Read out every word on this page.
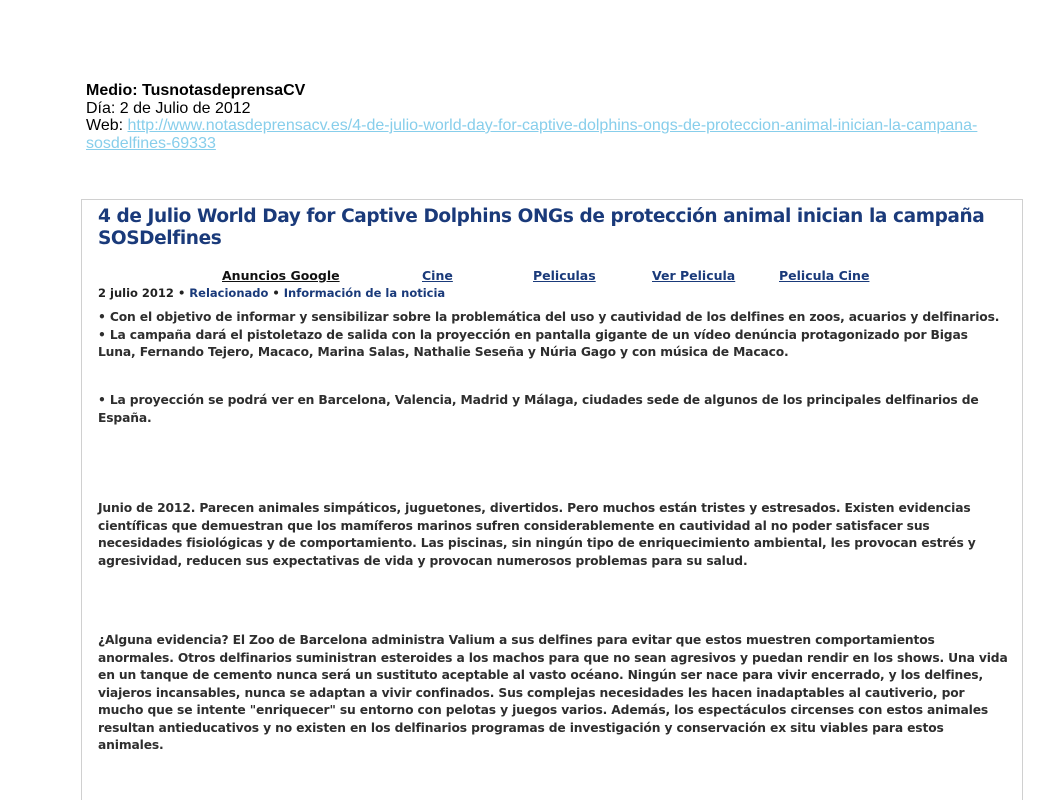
Medio: TusnotasdeprensaCV
Día: 2 de Julio de 2012
Web: http://www.notasdeprensacv.es/4-de-julio-world-day-for-captive-dolphins-ongs-de-proteccion-animal-inician-la-campana-sosdelfines-69333
4 de Julio World Day for Captive Dolphins ONGs de protección animal inician la campaña SOSDelfines
Anuncios Google	Cine	Peliculas	Ver Pelicula	Pelicula Cine
2 julio 2012 • Relacionado • Información de la noticia

• Con el objetivo de informar y sensibilizar sobre la problemática del uso y cautividad de los delfines en zoos, acuarios y delfinarios. • La campaña dará el pistoletazo de salida con la proyección en pantalla gigante de un vídeo denúncia protagonizado por Bigas Luna, Fernando Tejero, Macaco, Marina Salas, Nathalie Seseña y Núria Gago y con música de Macaco.

• La proyección se podrá ver en Barcelona, Valencia, Madrid y Málaga, ciudades sede de algunos de los principales delfinarios de España.

Junio de 2012. Parecen animales simpáticos, juguetones, divertidos. Pero muchos están tristes y estresados. Existen evidencias científicas que demuestran que los mamíferos marinos sufren considerablemente en cautividad al no poder satisfacer sus necesidades fisiológicas y de comportamiento. Las piscinas, sin ningún tipo de enriquecimiento ambiental, les provocan estrés y agresividad, reducen sus expectativas de vida y provocan numerosos problemas para su salud.

¿Alguna evidencia? El Zoo de Barcelona administra Valium a sus delfines para evitar que estos muestren comportamientos anormales. Otros delfinarios suministran esteroides a los machos para que no sean agresivos y puedan rendir en los shows. Una vida en un tanque de cemento nunca será un sustituto aceptable al vasto océano. Ningún ser nace para vivir encerrado, y los delfines, viajeros incansables, nunca se adaptan a vivir confinados. Sus complejas necesidades les hacen inadaptables al cautiverio, por mucho que se intente "enriquecer" su entorno con pelotas y juegos varios. Además, los espectáculos circenses con estos animales resultan antieducativos y no existen en los delfinarios programas de investigación y conservación ex situ viables para estos animales.
